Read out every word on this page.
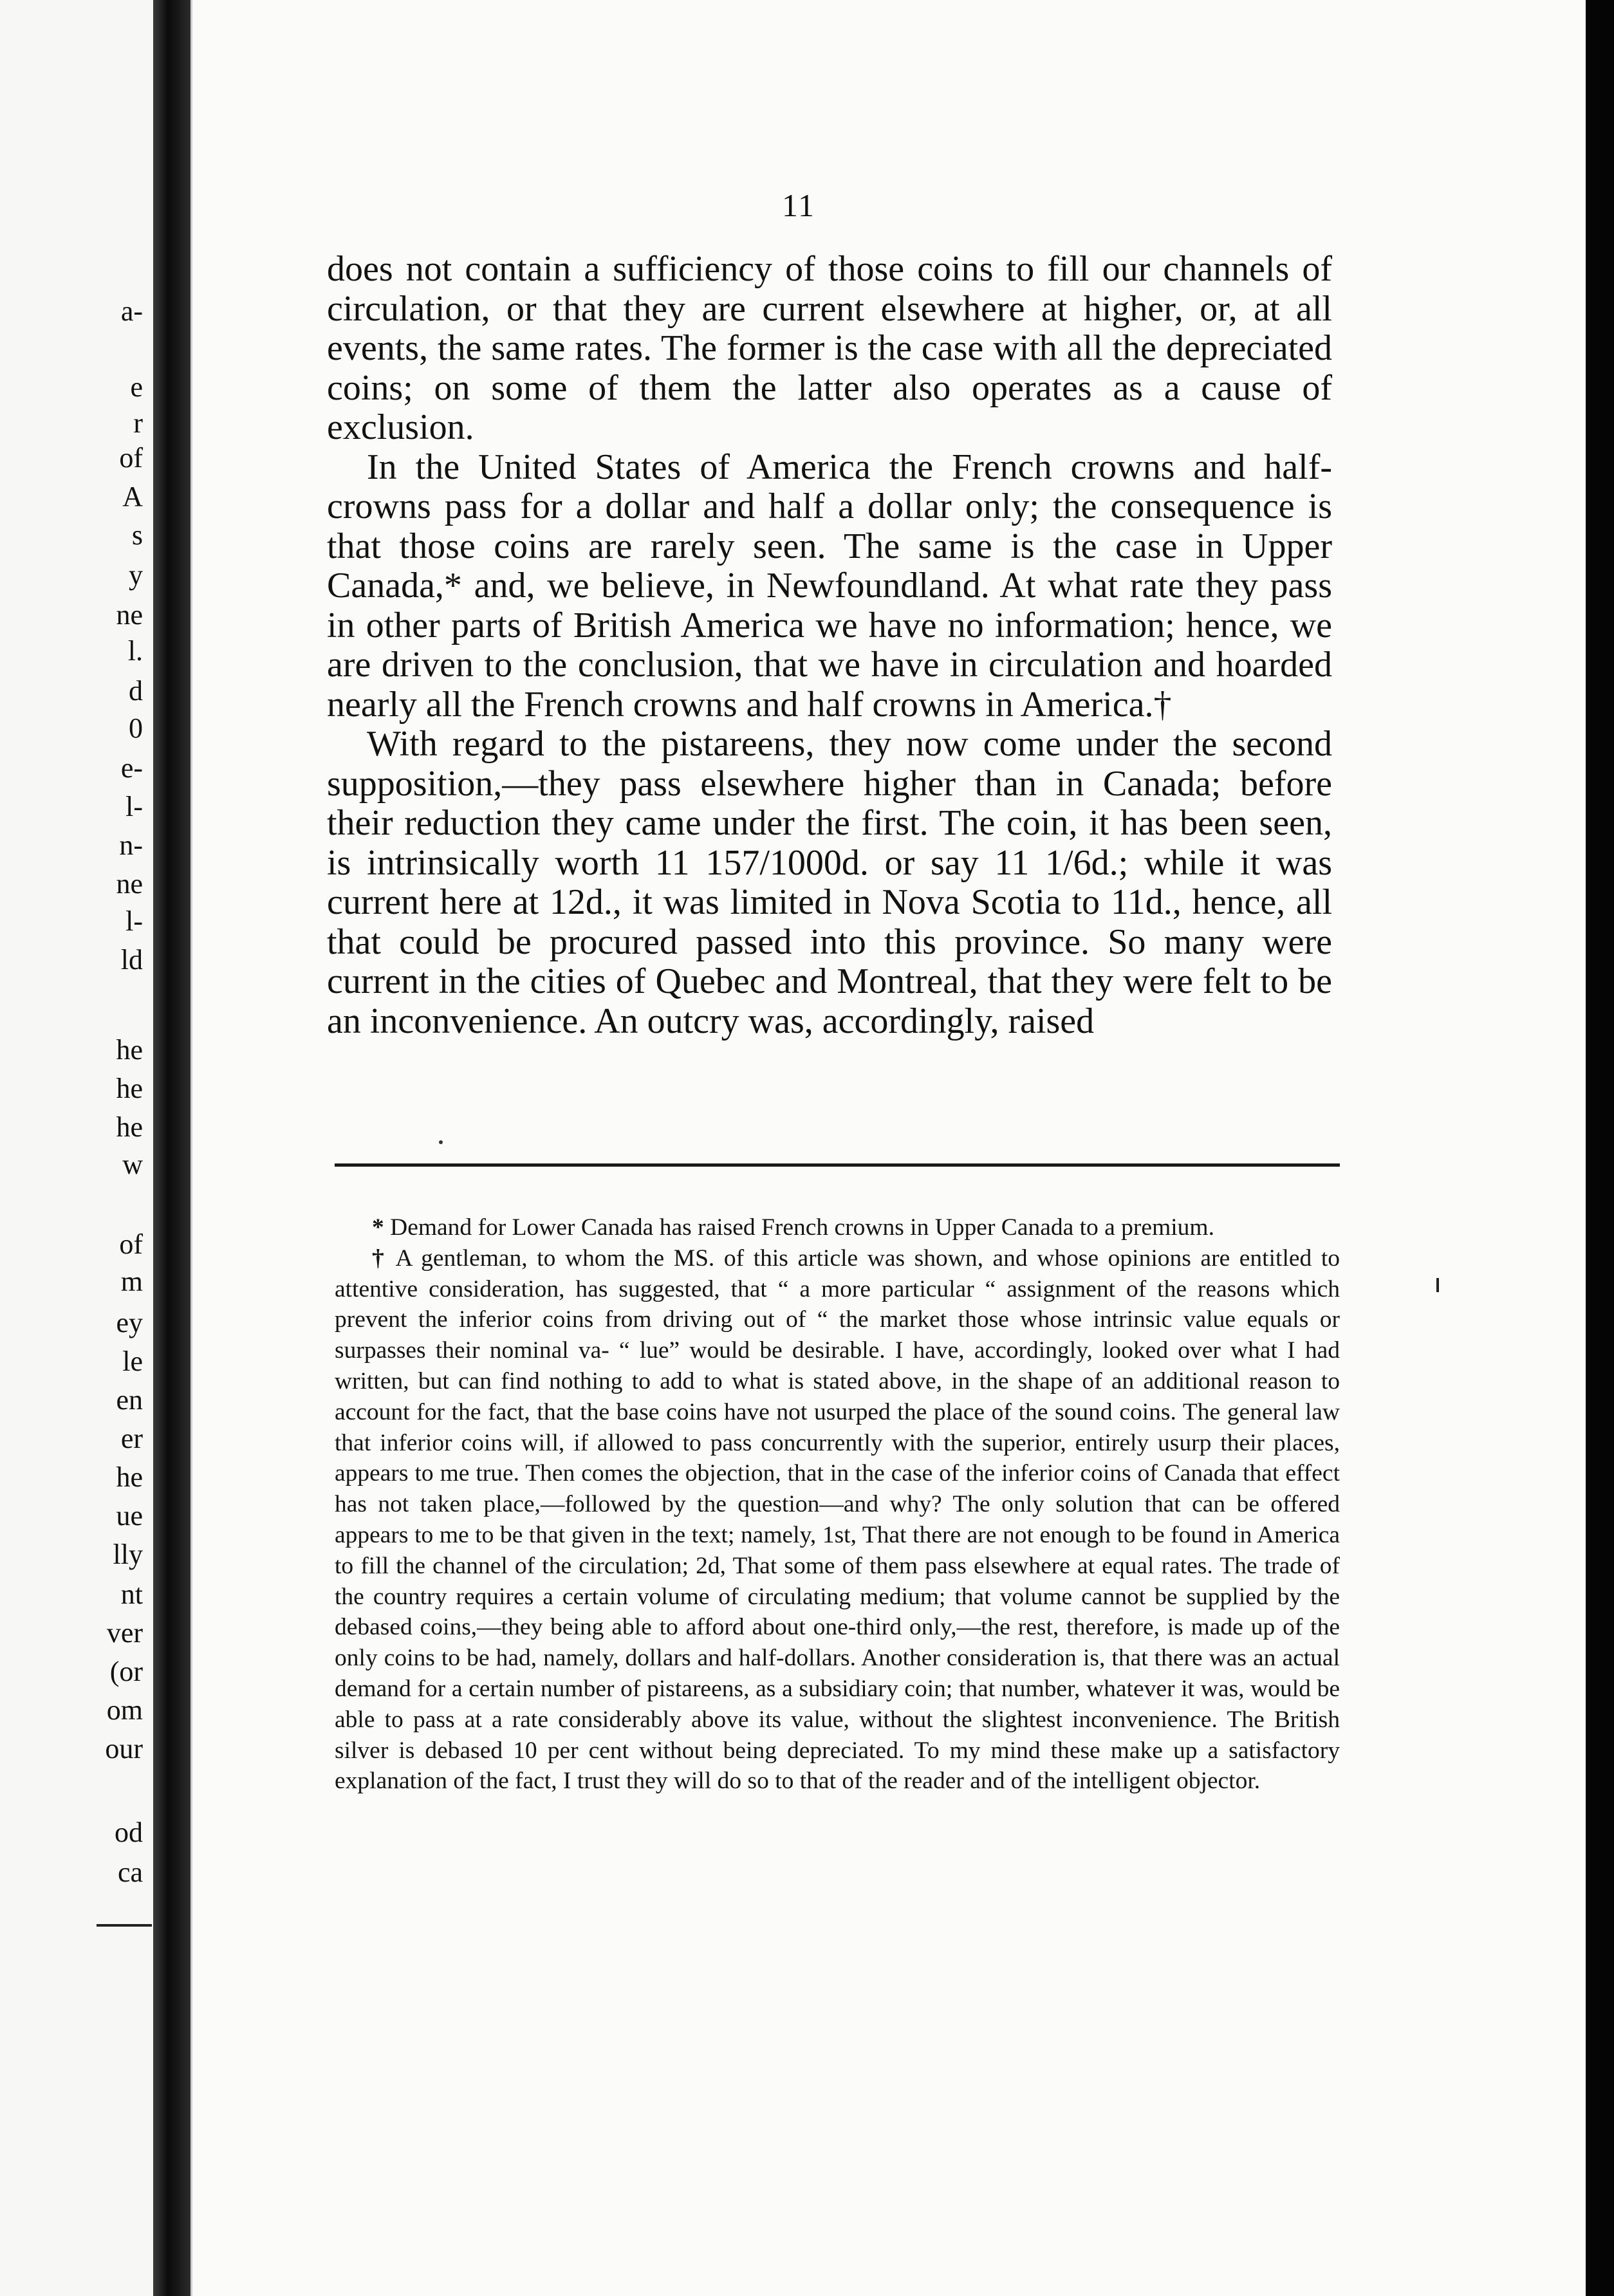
a-
e
r
of
A
s
y
ne
l.
d
0
e-
l-
n-
ne
l-
ld
he
he
he
w
of
m
ey
le
en
er
he
ue
lly
nt
ver
(or
om
our
od
ca
11

does not contain a sufficiency of those coins to fill our channels of circulation, or that they are current elsewhere at higher, or, at all events, the same rates. The former is the case with all the depreciated coins; on some of them the latter also operates as a cause of exclusion.

In the United States of America the French crowns and half-crowns pass for a dollar and half a dollar only; the consequence is that those coins are rarely seen. The same is the case in Upper Canada,* and, we believe, in Newfoundland. At what rate they pass in other parts of British America we have no information; hence, we are driven to the conclusion, that we have in circulation and hoarded nearly all the French crowns and half crowns in America.†

With regard to the pistareens, they now come under the second supposition,—they pass elsewhere higher than in Canada; before their reduction they came under the first. The coin, it has been seen, is intrinsically worth 11 157/1000d. or say 11 1/6d.; while it was current here at 12d., it was limited in Nova Scotia to 11d., hence, all that could be procured passed into this province. So many were current in the cities of Quebec and Montreal, that they were felt to be an inconvenience. An outcry was, accordingly, raised

* Demand for Lower Canada has raised French crowns in Upper Canada to a premium.

† A gentleman, to whom the MS. of this article was shown, and whose opinions are entitled to attentive consideration, has suggested, that “ a more particular “ assignment of the reasons which prevent the inferior coins from driving out of “ the market those whose intrinsic value equals or surpasses their nominal va- “ lue” would be desirable. I have, accordingly, looked over what I had written, but can find nothing to add to what is stated above, in the shape of an additional reason to account for the fact, that the base coins have not usurped the place of the sound coins. The general law that inferior coins will, if allowed to pass concurrently with the superior, entirely usurp their places, appears to me true. Then comes the objection, that in the case of the inferior coins of Canada that effect has not taken place,—followed by the question—and why? The only solution that can be offered appears to me to be that given in the text; namely, 1st, That there are not enough to be found in America to fill the channel of the circulation; 2d, That some of them pass elsewhere at equal rates. The trade of the country requires a certain volume of circulating medium; that volume cannot be supplied by the debased coins,—they being able to afford about one-third only,—the rest, therefore, is made up of the only coins to be had, namely, dollars and half-dollars. Another consideration is, that there was an actual demand for a certain number of pistareens, as a subsidiary coin; that number, whatever it was, would be able to pass at a rate considerably above its value, without the slightest inconvenience. The British silver is debased 10 per cent without being depreciated. To my mind these make up a satisfactory explanation of the fact, I trust they will do so to that of the reader and of the intelligent objector.
